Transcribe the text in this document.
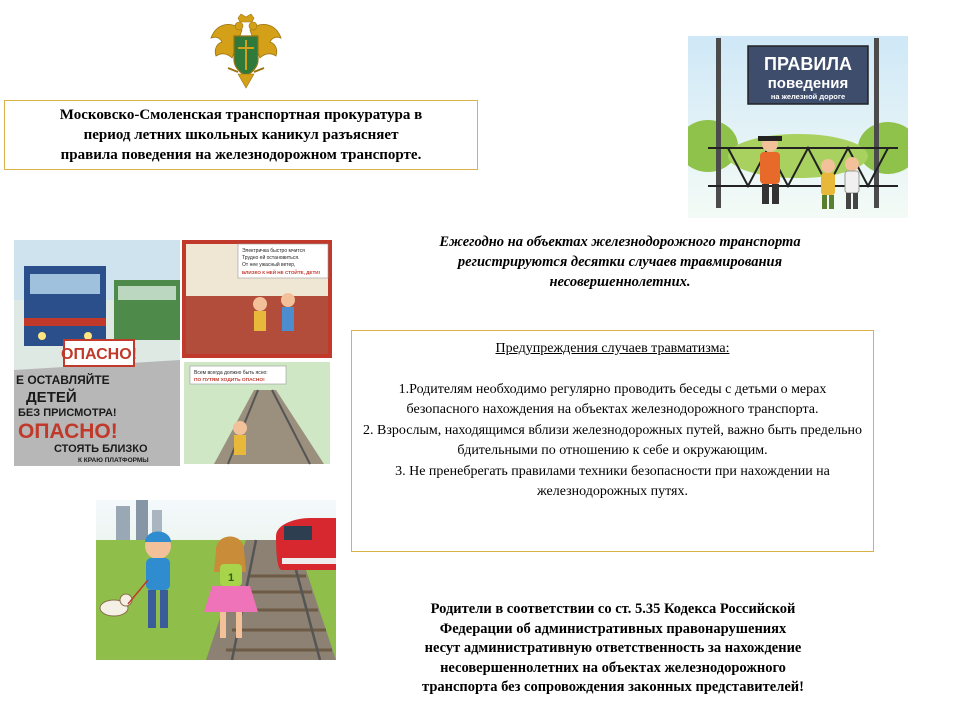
Московско-Смоленская транспортная прокуратура в
период летних школьных каникул разъясняет
правила поведения на железнодорожном транспорте.
ПРАВИЛА
поведения
на железной дороге
Ежегодно на объектах железнодорожного транспорта
регистрируются десятки случаев травмирования
несовершеннолетних.
ОПАСНО!
Е ОСТАВЛЯЙТЕ
ДЕТЕЙ
БЕЗ ПРИСМОТРА!
ОПАСНО!
СТОЯТЬ БЛИЗКО
К КРАЮ ПЛАТФОРМЫ
Электричка быстро мчится
Трудно ей остановиться.
От нее ужасный ветер,
БЛИЗКО К НЕЙ НЕ СТОЙТЕ, ДЕТИ!
Всем всегда должно быть ясно:
ПО ПУТЯМ ХОДИТЬ ОПАСНО!
Предупреждения случаев травматизма:

1.Родителям необходимо регулярно проводить беседы с детьми о мерах безопасного нахождения на объектах железнодорожного транспорта.

2. Взрослым, находящимся вблизи железнодорожных путей, важно быть предельно бдительными по отношению к себе и окружающим.

3. Не пренебрегать правилами техники безопасности при нахождении на железнодорожных путях.

1
Родители в соответствии со ст. 5.35 Кодекса Российской
Федерации об административных правонарушениях
несут административную ответственность за нахождение
несовершеннолетних на объектах железнодорожного
транспорта без сопровождения законных представителей!
